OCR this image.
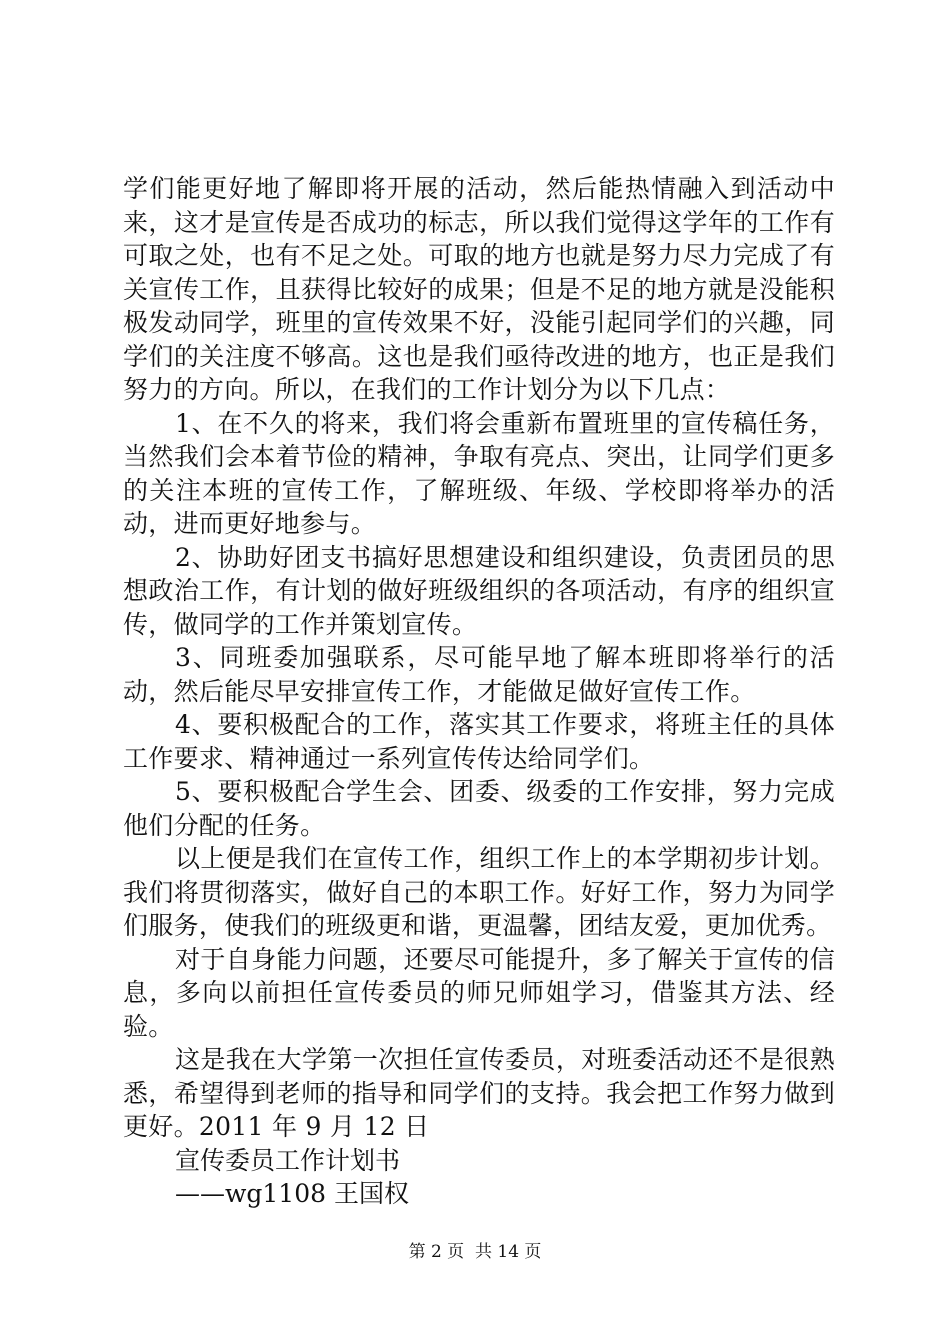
学们能更好地了解即将开展的活动，然后能热情融入到活动中来，这才是宣传是否成功的标志，所以我们觉得这学年的工作有可取之处，也有不足之处。可取的地方也就是努力尽力完成了有关宣传工作，且获得比较好的成果；但是不足的地方就是没能积极发动同学，班里的宣传效果不好，没能引起同学们的兴趣，同学们的关注度不够高。这也是我们亟待改进的地方，也正是我们努力的方向。所以，在我们的工作计划分为以下几点：

1、在不久的将来，我们将会重新布置班里的宣传稿任务，当然我们会本着节俭的精神，争取有亮点、突出，让同学们更多的关注本班的宣传工作，了解班级、年级、学校即将举办的活动，进而更好地参与。

2、协助好团支书搞好思想建设和组织建设，负责团员的思想政治工作，有计划的做好班级组织的各项活动，有序的组织宣传，做同学的工作并策划宣传。

3、同班委加强联系，尽可能早地了解本班即将举行的活动，然后能尽早安排宣传工作，才能做足做好宣传工作。

4、要积极配合的工作，落实其工作要求，将班主任的具体工作要求、精神通过一系列宣传传达给同学们。

5、要积极配合学生会、团委、级委的工作安排，努力完成他们分配的任务。

以上便是我们在宣传工作，组织工作上的本学期初步计划。我们将贯彻落实，做好自己的本职工作。好好工作，努力为同学们服务，使我们的班级更和谐，更温馨，团结友爱，更加优秀。

对于自身能力问题，还要尽可能提升，多了解关于宣传的信息，多向以前担任宣传委员的师兄师姐学习，借鉴其方法、经验。

这是我在大学第一次担任宣传委员，对班委活动还不是很熟悉，希望得到老师的指导和同学们的支持。我会把工作努力做到更好。2011 年 9 月 12 日

宣传委员工作计划书

——wg1108 王国权

第 2 页  共 14 页
